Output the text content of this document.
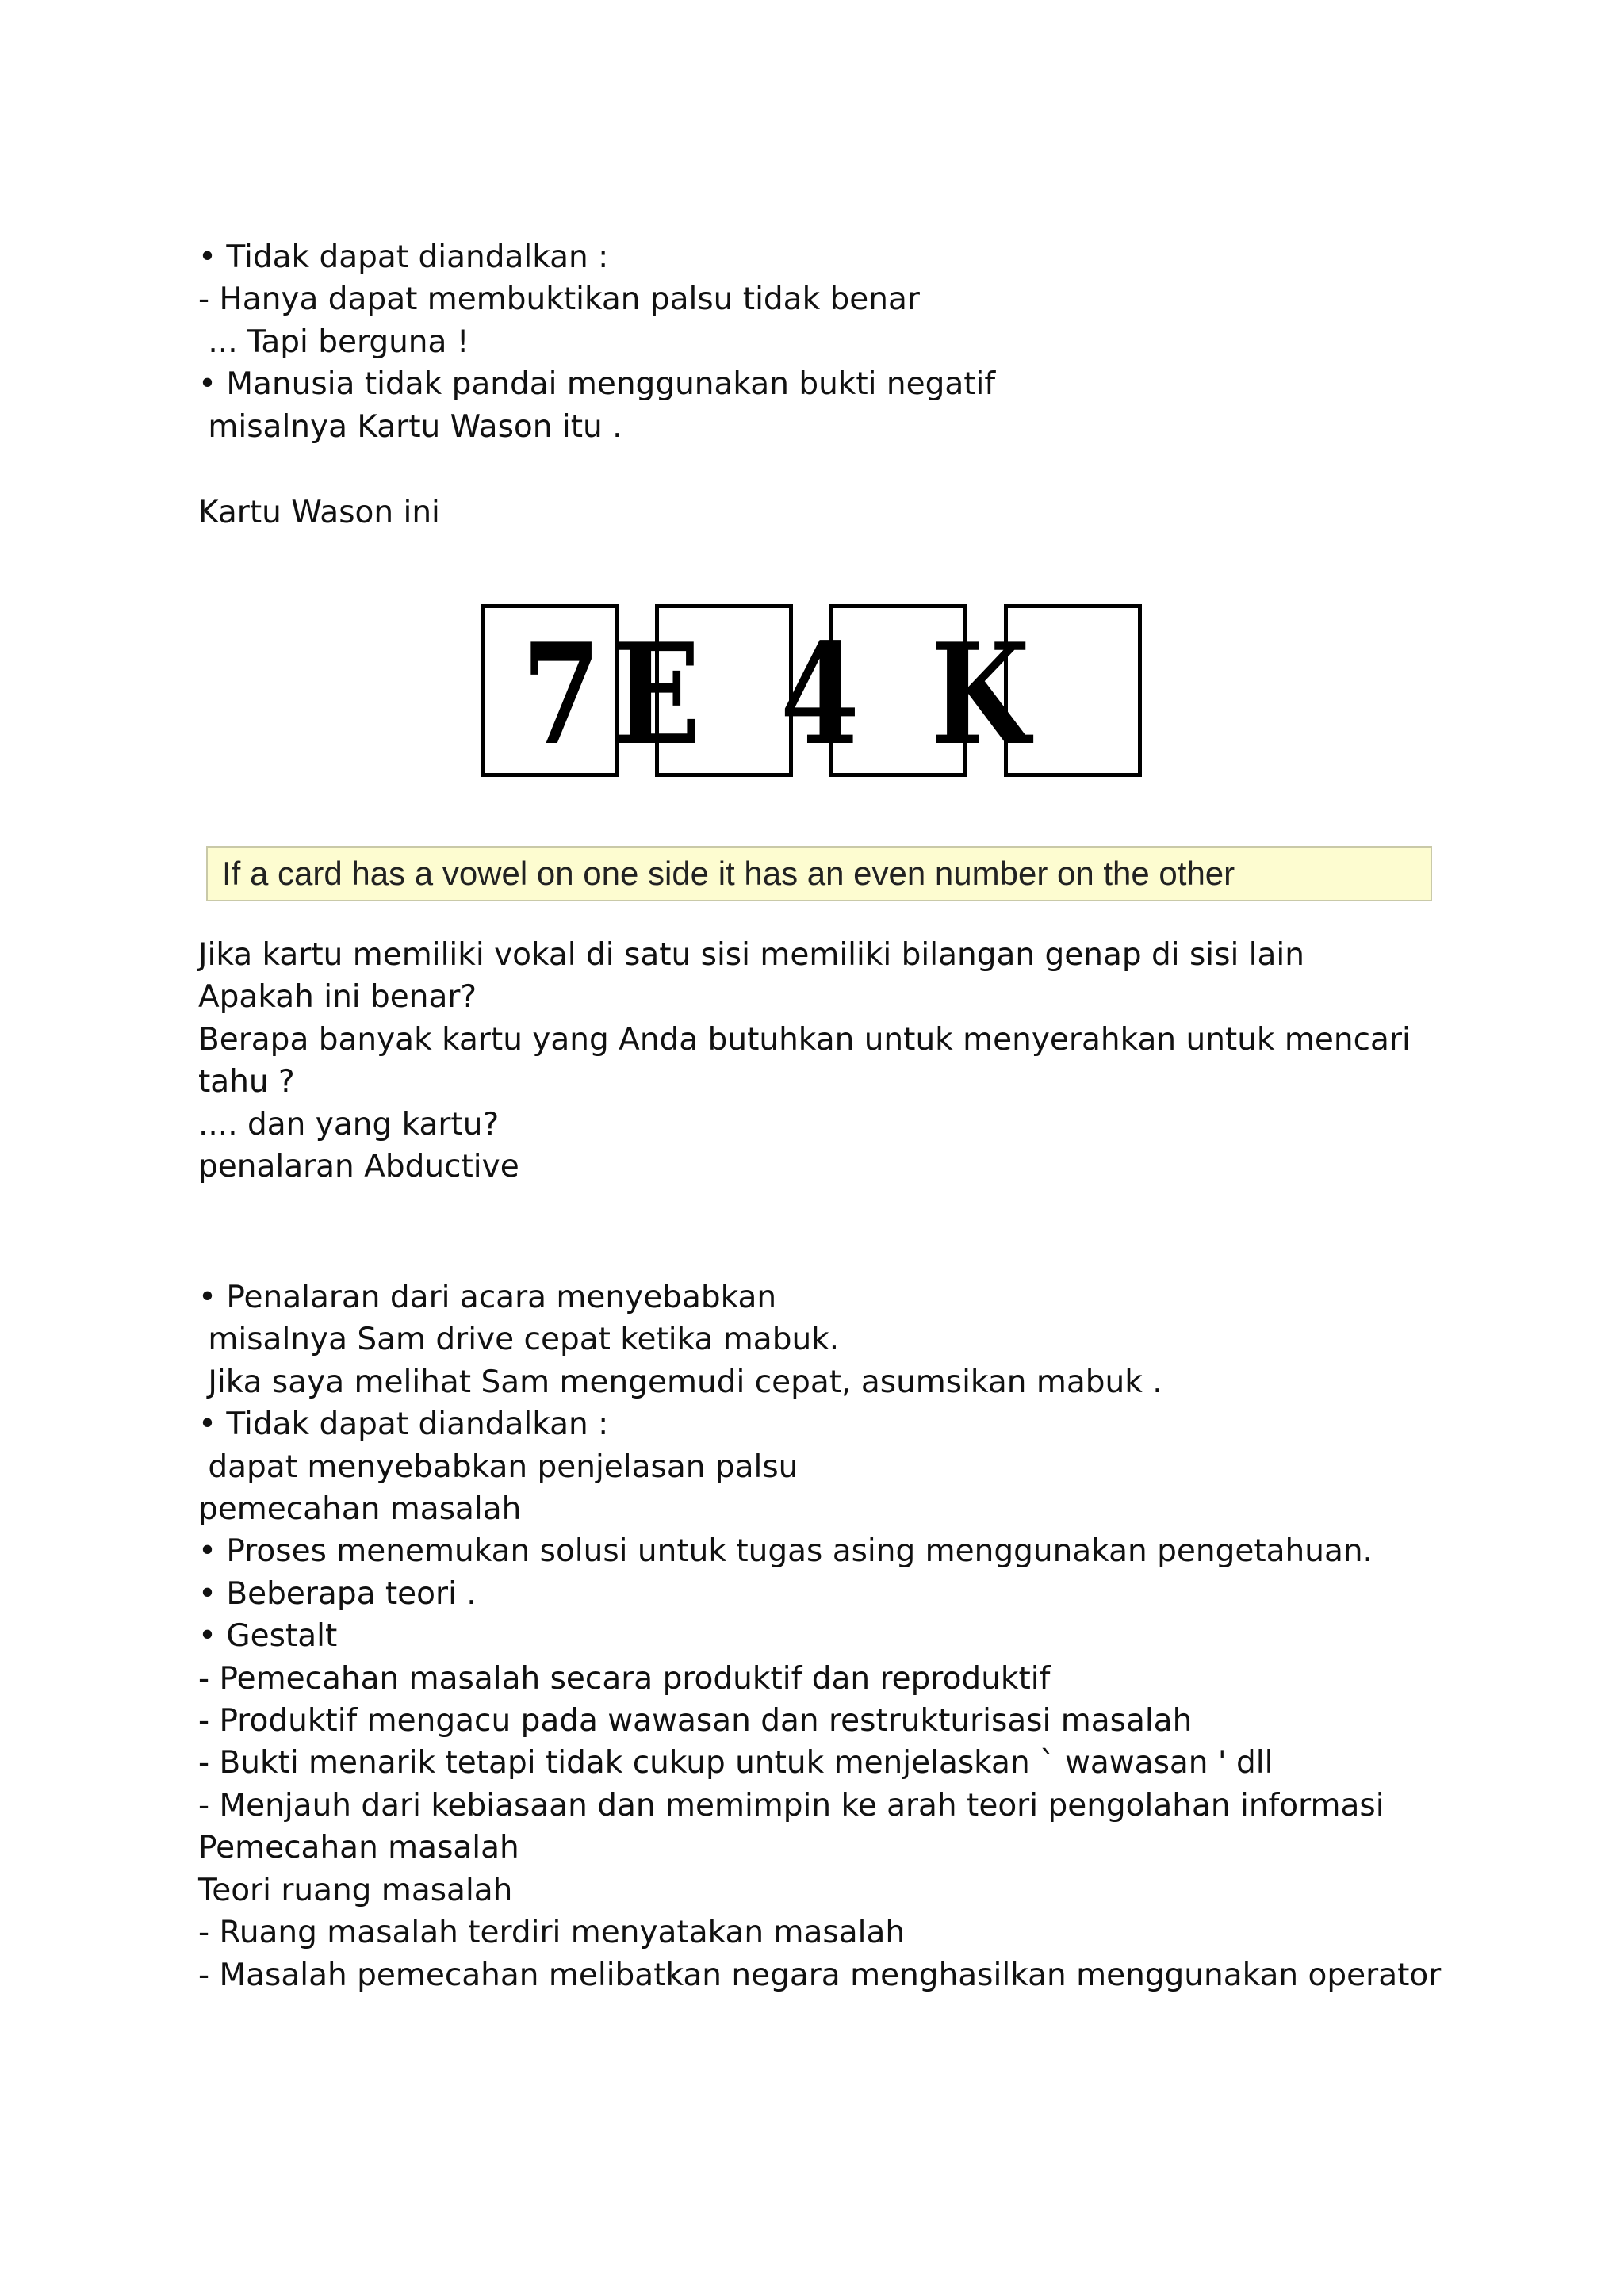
• Tidak dapat diandalkan :

- Hanya dapat membuktikan palsu tidak benar

... Tapi berguna !

• Manusia tidak pandai menggunakan bukti negatif

misalnya Kartu Wason itu .

Kartu Wason ini

7 E 4 K
If a card has a vowel on one side it has an even number on the other

Jika kartu memiliki vokal di satu sisi memiliki bilangan genap di sisi lain

Apakah ini benar?

Berapa banyak kartu yang Anda butuhkan untuk menyerahkan untuk mencari

tahu ?

.... dan yang kartu?

penalaran Abductive

• Penalaran dari acara menyebabkan

misalnya Sam drive cepat ketika mabuk.

Jika saya melihat Sam mengemudi cepat, asumsikan mabuk .

• Tidak dapat diandalkan :

dapat menyebabkan penjelasan palsu

pemecahan masalah

• Proses menemukan solusi untuk tugas asing menggunakan pengetahuan.

• Beberapa teori .

• Gestalt

- Pemecahan masalah secara produktif dan reproduktif

- Produktif mengacu pada wawasan dan restrukturisasi masalah

- Bukti menarik tetapi tidak cukup untuk menjelaskan ` wawasan ' dll

- Menjauh dari kebiasaan dan memimpin ke arah teori pengolahan informasi

Pemecahan masalah

Teori ruang masalah

- Ruang masalah terdiri menyatakan masalah

- Masalah pemecahan melibatkan negara menghasilkan menggunakan operator
